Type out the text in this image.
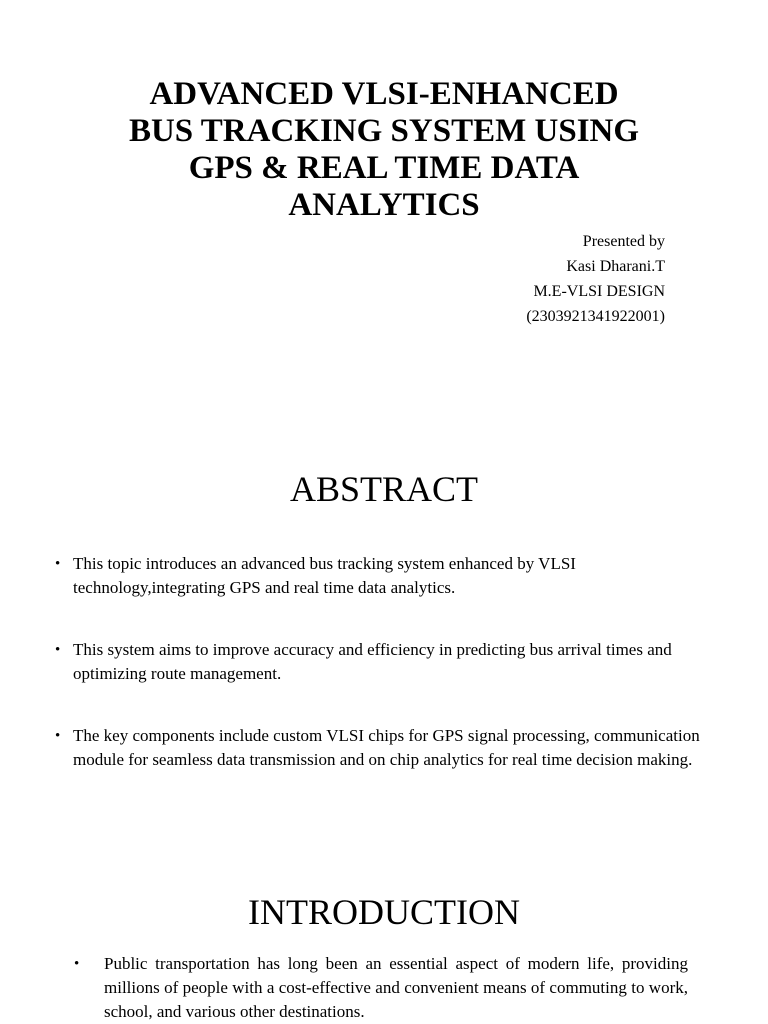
ADVANCED VLSI-ENHANCED
BUS TRACKING SYSTEM USING
GPS & REAL TIME DATA
ANALYTICS
Presented by
Kasi Dharani.T
M.E-VLSI DESIGN
(2303921341922001)
ABSTRACT
• This topic introduces an advanced bus tracking system enhanced by VLSI technology,integrating GPS and real time data analytics.
• This system aims to improve accuracy and efficiency in predicting bus arrival times and optimizing route management.
• The key components include custom VLSI chips for GPS signal processing, communication module for seamless data transmission and on chip analytics for real time decision making.
INTRODUCTION
• Public transportation has long been an essential aspect of modern life, providing millions of people with a cost-effective and convenient means of commuting to work, school, and various other destinations.
